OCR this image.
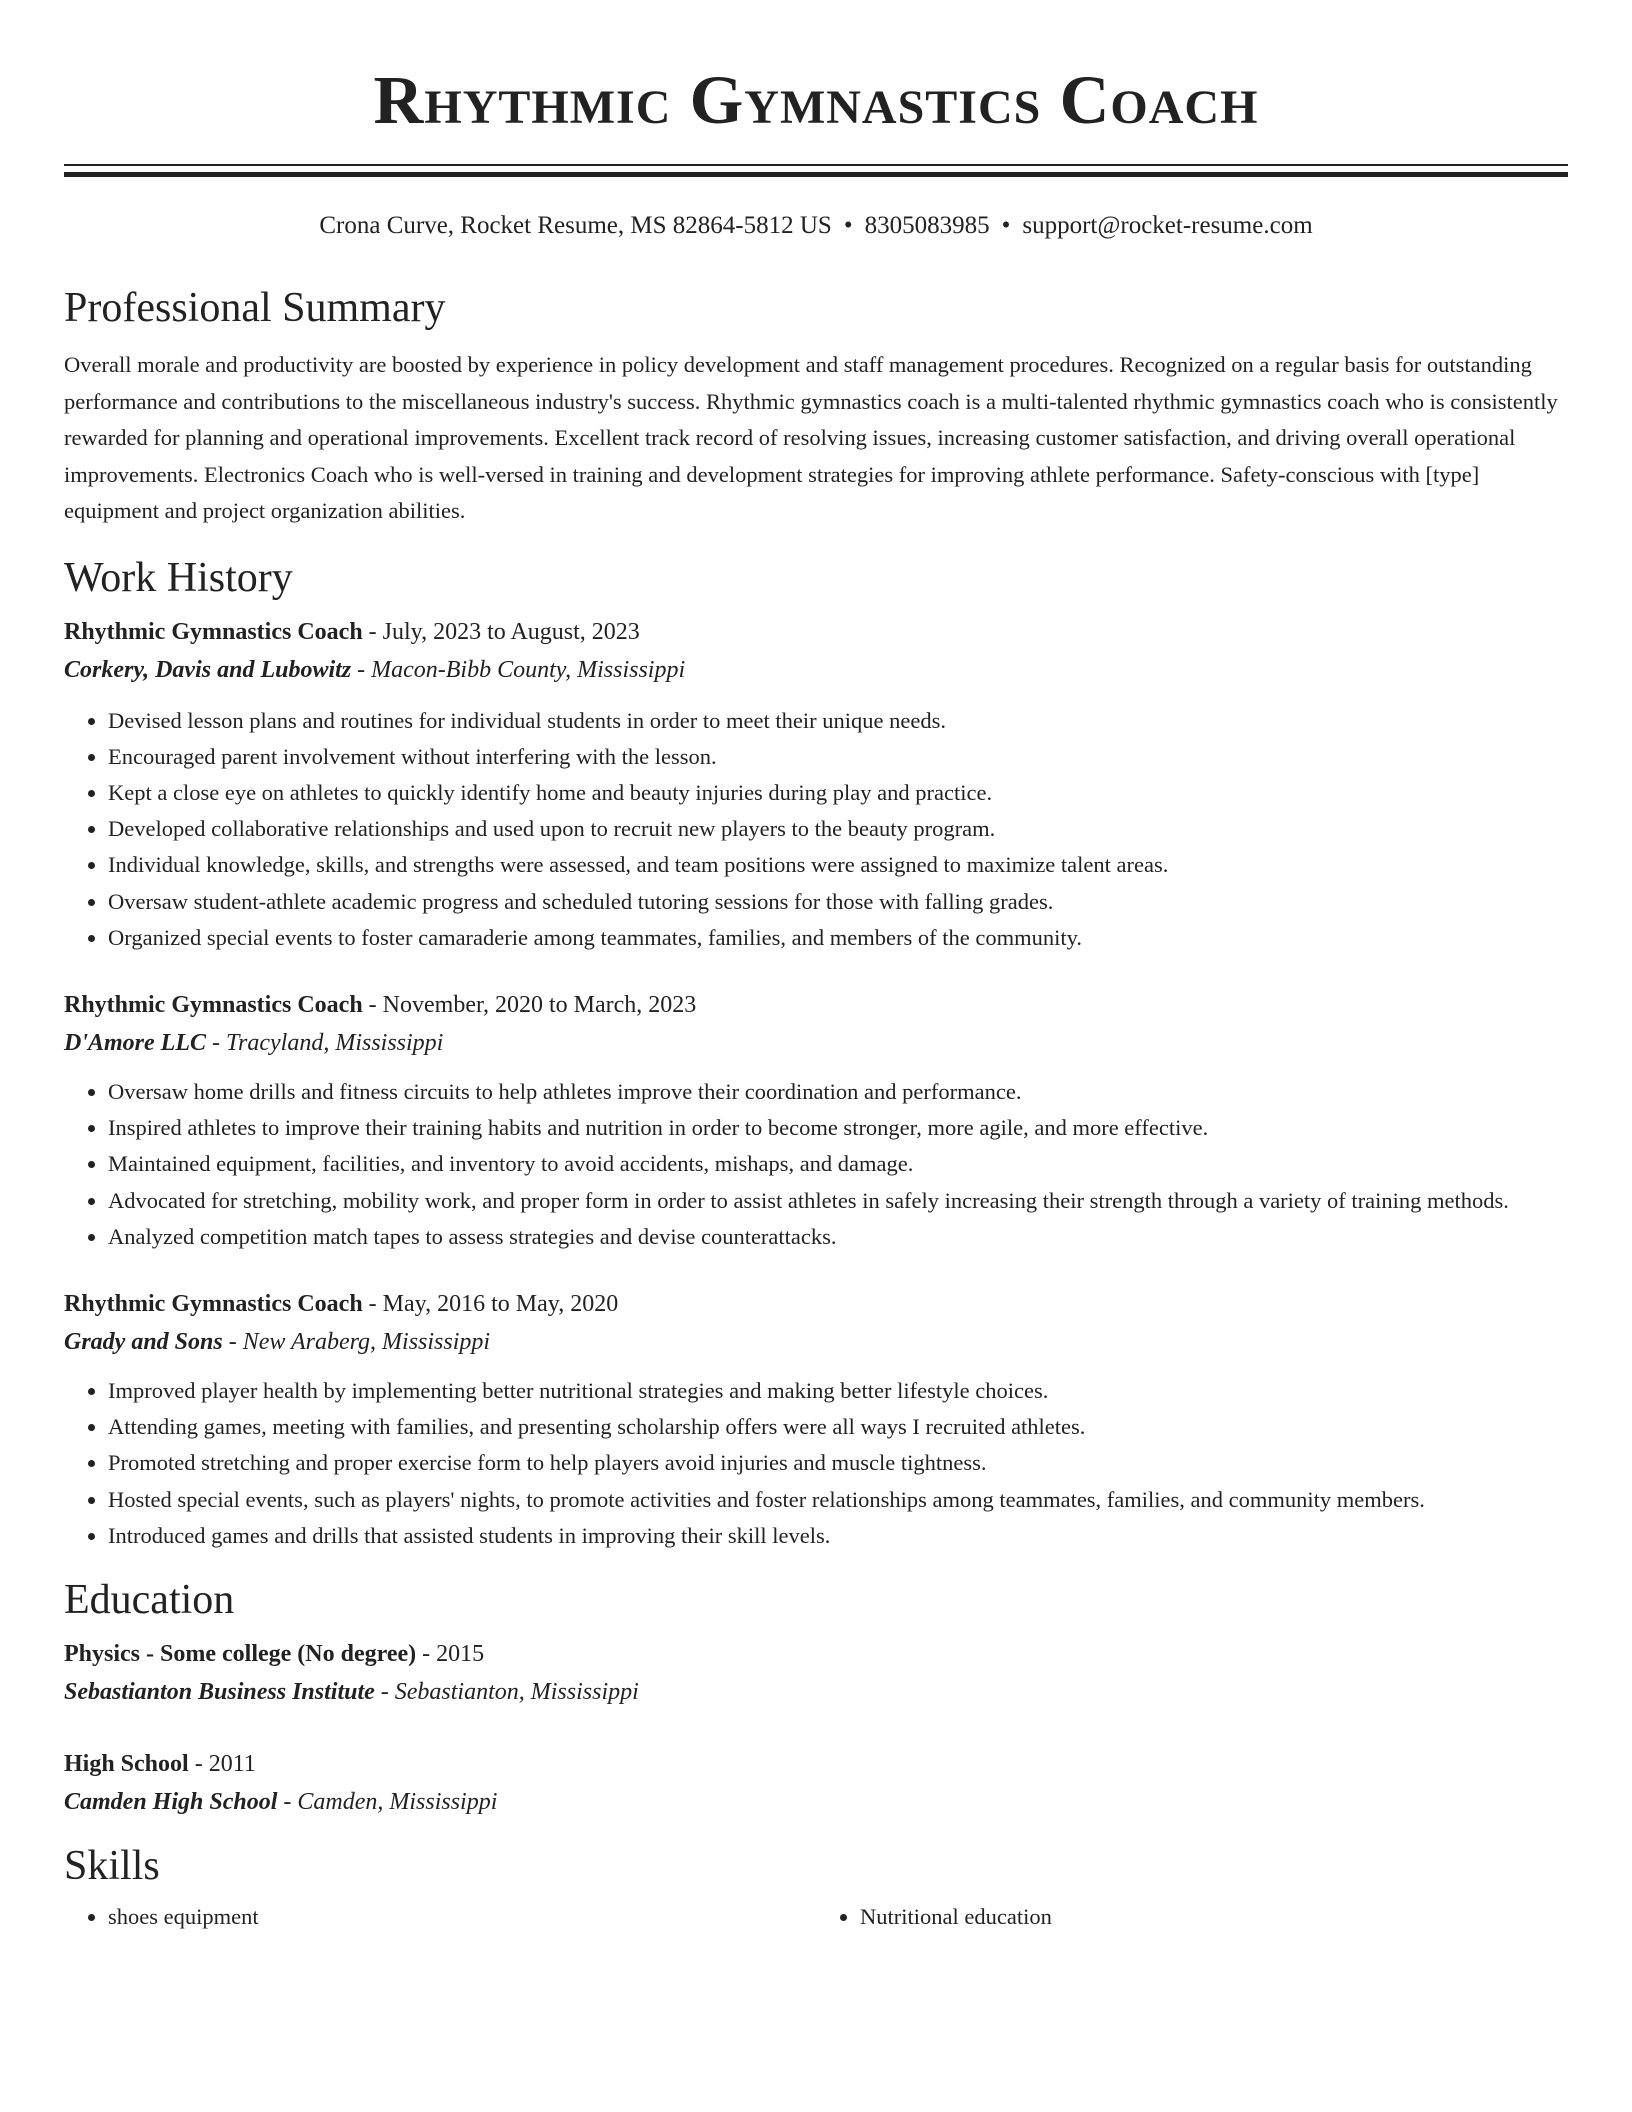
Rhythmic Gymnastics Coach
Crona Curve, Rocket Resume, MS 82864-5812 US • 8305083985 • support@rocket-resume.com
Professional Summary

Overall morale and productivity are boosted by experience in policy development and staff management procedures. Recognized on a regular basis for outstanding performance and contributions to the miscellaneous industry's success. Rhythmic gymnastics coach is a multi-talented rhythmic gymnastics coach who is consistently rewarded for planning and operational improvements. Excellent track record of resolving issues, increasing customer satisfaction, and driving overall operational improvements. Electronics Coach who is well-versed in training and development strategies for improving athlete performance. Safety-conscious with [type] equipment and project organization abilities.

Work History
Rhythmic Gymnastics Coach - July, 2023 to August, 2023
Corkery, Davis and Lubowitz - Macon-Bibb County, Mississippi
• Devised lesson plans and routines for individual students in order to meet their unique needs.
• Encouraged parent involvement without interfering with the lesson.
• Kept a close eye on athletes to quickly identify home and beauty injuries during play and practice.
• Developed collaborative relationships and used upon to recruit new players to the beauty program.
• Individual knowledge, skills, and strengths were assessed, and team positions were assigned to maximize talent areas.
• Oversaw student-athlete academic progress and scheduled tutoring sessions for those with falling grades.
• Organized special events to foster camaraderie among teammates, families, and members of the community.
Rhythmic Gymnastics Coach - November, 2020 to March, 2023
D'Amore LLC - Tracyland, Mississippi
• Oversaw home drills and fitness circuits to help athletes improve their coordination and performance.
• Inspired athletes to improve their training habits and nutrition in order to become stronger, more agile, and more effective.
• Maintained equipment, facilities, and inventory to avoid accidents, mishaps, and damage.
• Advocated for stretching, mobility work, and proper form in order to assist athletes in safely increasing their strength through a variety of training methods.
• Analyzed competition match tapes to assess strategies and devise counterattacks.
Rhythmic Gymnastics Coach - May, 2016 to May, 2020
Grady and Sons - New Araberg, Mississippi
• Improved player health by implementing better nutritional strategies and making better lifestyle choices.
• Attending games, meeting with families, and presenting scholarship offers were all ways I recruited athletes.
• Promoted stretching and proper exercise form to help players avoid injuries and muscle tightness.
• Hosted special events, such as players' nights, to promote activities and foster relationships among teammates, families, and community members.
• Introduced games and drills that assisted students in improving their skill levels.
Education
Physics - Some college (No degree) - 2015
Sebastianton Business Institute - Sebastianton, Mississippi
High School - 2011
Camden High School - Camden, Mississippi
Skills
• shoes equipment
•	Nutritional education
